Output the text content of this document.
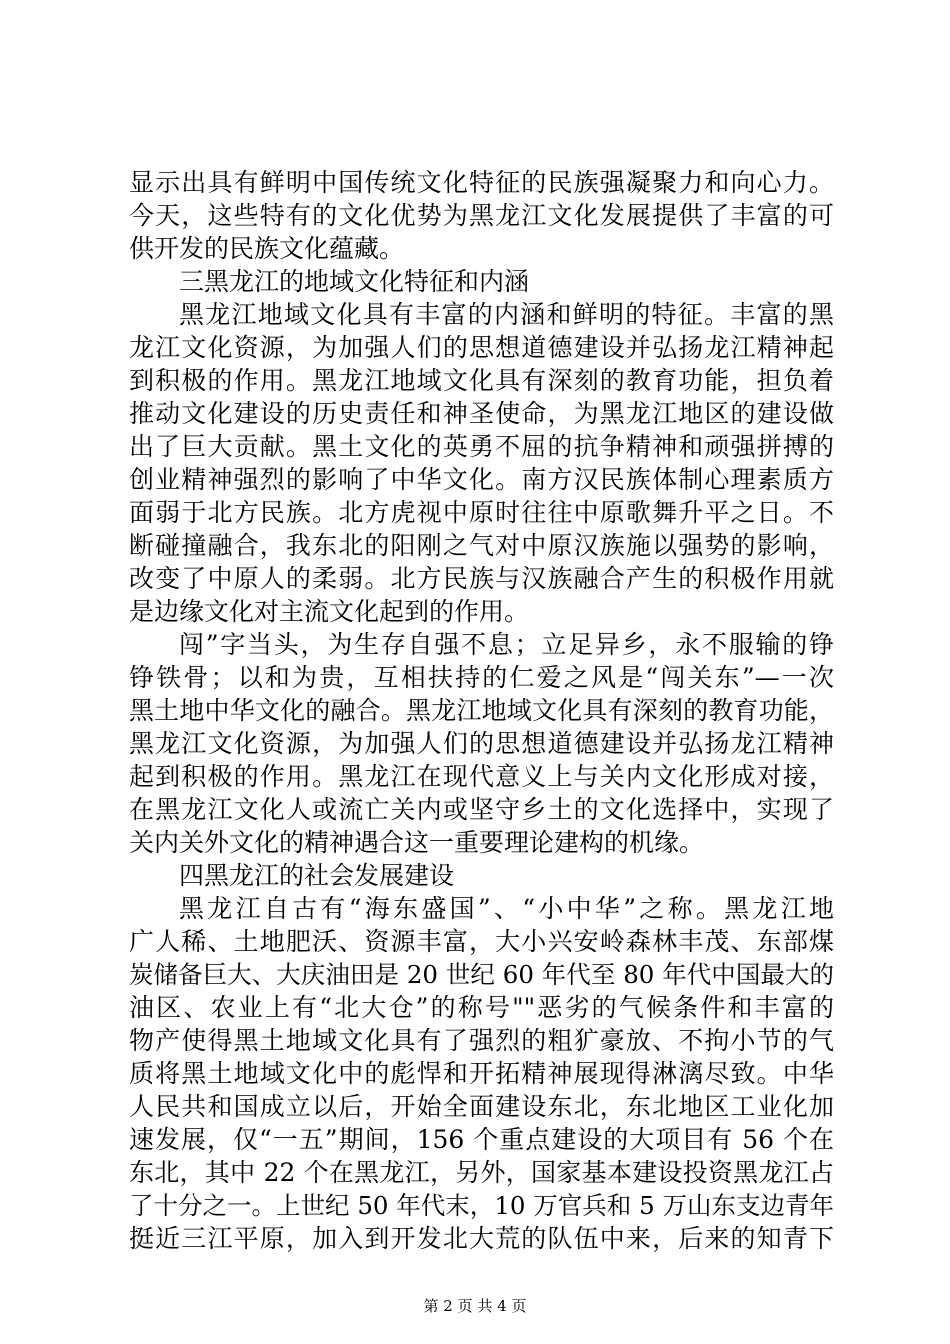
显示出具有鲜明中国传统文化特征的民族强凝聚力和向心力。
今天，这些特有的文化优势为黑龙江文化发展提供了丰富的可
供开发的民族文化蕴藏。
三黑龙江的地域文化特征和内涵
黑龙江地域文化具有丰富的内涵和鲜明的特征。丰富的黑
龙江文化资源，为加强人们的思想道德建设并弘扬龙江精神起
到积极的作用。黑龙江地域文化具有深刻的教育功能，担负着
推动文化建设的历史责任和神圣使命，为黑龙江地区的建设做
出了巨大贡献。黑土文化的英勇不屈的抗争精神和顽强拼搏的
创业精神强烈的影响了中华文化。南方汉民族体制心理素质方
面弱于北方民族。北方虎视中原时往往中原歌舞升平之日。不
断碰撞融合，我东北的阳刚之气对中原汉族施以强势的影响，
改变了中原人的柔弱。北方民族与汉族融合产生的积极作用就
是边缘文化对主流文化起到的作用。
闯”字当头，为生存自强不息；立足异乡，永不服输的铮
铮铁骨；以和为贵，互相扶持的仁爱之风是“闯关东”—一次
黑土地中华文化的融合。黑龙江地域文化具有深刻的教育功能，
黑龙江文化资源，为加强人们的思想道德建设并弘扬龙江精神
起到积极的作用。黑龙江在现代意义上与关内文化形成对接，
在黑龙江文化人或流亡关内或坚守乡土的文化选择中，实现了
关内关外文化的精神遇合这一重要理论建构的机缘。
四黑龙江的社会发展建设
黑龙江自古有“海东盛国”、“小中华”之称。黑龙江地
广人稀、土地肥沃、资源丰富，大小兴安岭森林丰茂、东部煤
炭储备巨大、大庆油田是 20 世纪 60 年代至 80 年代中国最大的
油区、农业上有“北大仓”的称号""恶劣的气候条件和丰富的
物产使得黑土地域文化具有了强烈的粗犷豪放、不拘小节的气
质将黑土地域文化中的彪悍和开拓精神展现得淋漓尽致。中华
人民共和国成立以后，开始全面建设东北，东北地区工业化加
速发展，仅“一五”期间，156 个重点建设的大项目有 56 个在
东北，其中 22 个在黑龙江，另外，国家基本建设投资黑龙江占
了十分之一。上世纪 50 年代末，10 万官兵和 5 万山东支边青年
挺近三江平原，加入到开发北大荒的队伍中来，后来的知青下
第 2 页 共 4 页
